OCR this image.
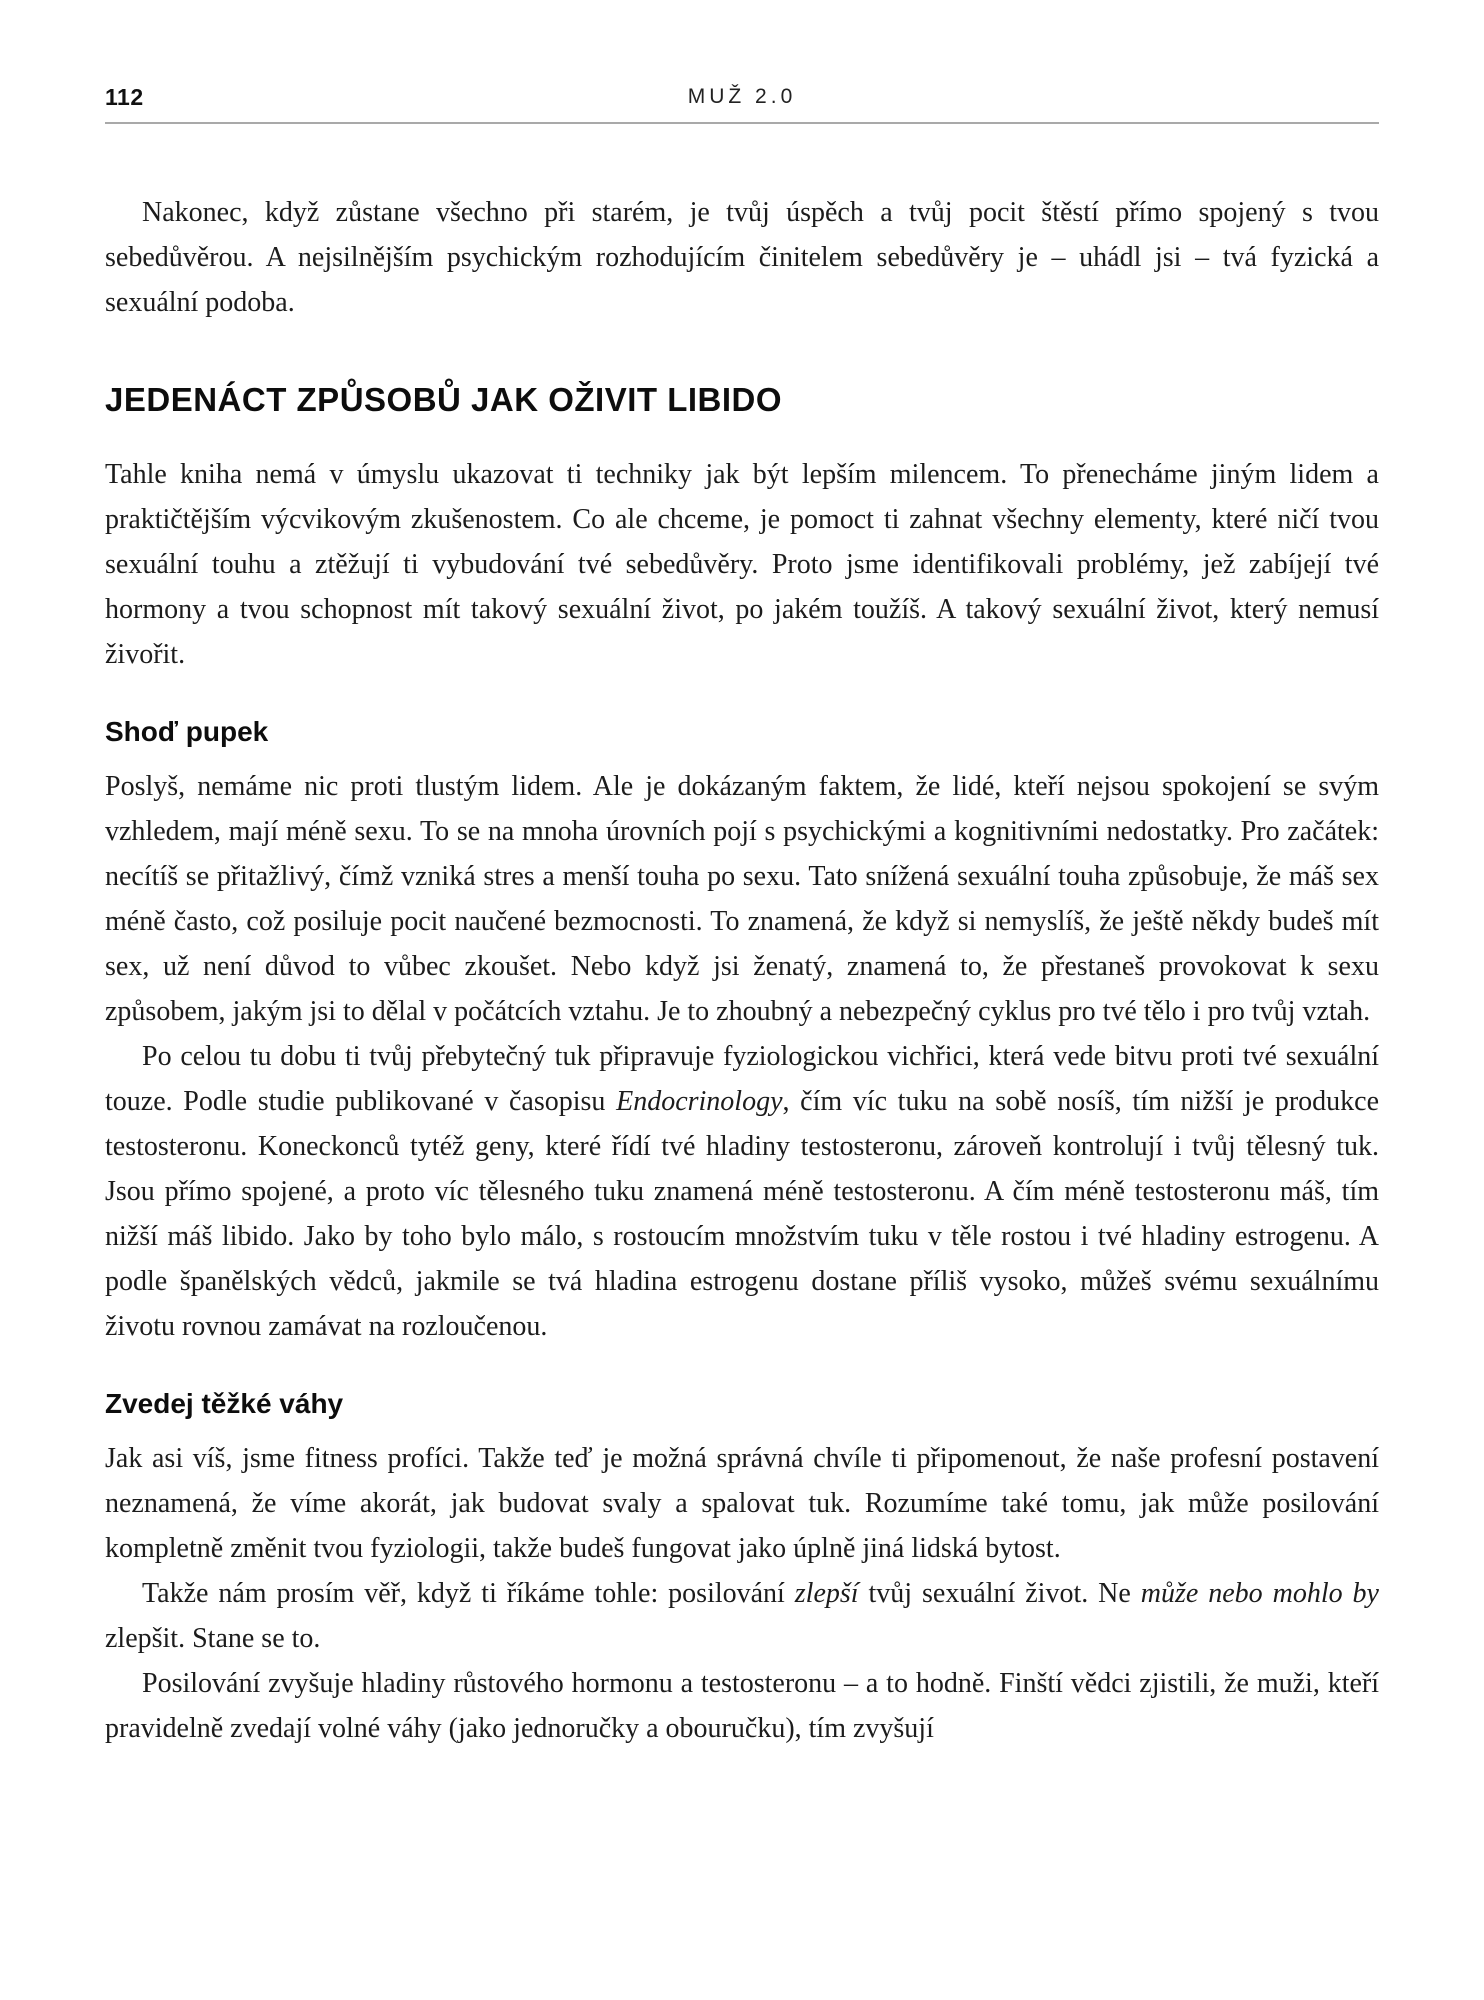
112	MUŽ 2.0

Nakonec, když zůstane všechno při starém, je tvůj úspěch a tvůj pocit štěstí přímo spojený s tvou sebedůvěrou. A nejsilnějším psychickým rozhodujícím činitelem sebedůvěry je – uhádl jsi – tvá fyzická a sexuální podoba.

JEDENÁCT ZPŮSOBŮ JAK OŽIVIT LIBIDO

Tahle kniha nemá v úmyslu ukazovat ti techniky jak být lepším milencem. To přenecháme jiným lidem a praktičtějším výcvikovým zkušenostem. Co ale chceme, je pomoct ti zahnat všechny elementy, které ničí tvou sexuální touhu a ztěžují ti vybudování tvé sebedůvěry. Proto jsme identifikovali problémy, jež zabíjejí tvé hormony a tvou schopnost mít takový sexuální život, po jakém toužíš. A takový sexuální život, který nemusí živořit.

Shoď pupek

Poslyš, nemáme nic proti tlustým lidem. Ale je dokázaným faktem, že lidé, kteří nejsou spokojení se svým vzhledem, mají méně sexu. To se na mnoha úrovních pojí s psychickými a kognitivními nedostatky. Pro začátek: necítíš se přitažlivý, čímž vzniká stres a menší touha po sexu. Tato snížená sexuální touha způsobuje, že máš sex méně často, což posiluje pocit naučené bezmocnosti. To znamená, že když si nemyslíš, že ještě někdy budeš mít sex, už není důvod to vůbec zkoušet. Nebo když jsi ženatý, znamená to, že přestaneš provokovat k sexu způsobem, jakým jsi to dělal v počátcích vztahu. Je to zhoubný a nebezpečný cyklus pro tvé tělo i pro tvůj vztah.

Po celou tu dobu ti tvůj přebytečný tuk připravuje fyziologickou vichřici, která vede bitvu proti tvé sexuální touze. Podle studie publikované v časopisu Endocrinology, čím víc tuku na sobě nosíš, tím nižší je produkce testosteronu. Koneckonců tytéž geny, které řídí tvé hladiny testosteronu, zároveň kontrolují i tvůj tělesný tuk. Jsou přímo spojené, a proto víc tělesného tuku znamená méně testosteronu. A čím méně testosteronu máš, tím nižší máš libido. Jako by toho bylo málo, s rostoucím množstvím tuku v těle rostou i tvé hladiny estrogenu. A podle španělských vědců, jakmile se tvá hladina estrogenu dostane příliš vysoko, můžeš svému sexuálnímu životu rovnou zamávat na rozloučenou.

Zvedej těžké váhy

Jak asi víš, jsme fitness profíci. Takže teď je možná správná chvíle ti připomenout, že naše profesní postavení neznamená, že víme akorát, jak budovat svaly a spalovat tuk. Rozumíme také tomu, jak může posilování kompletně změnit tvou fyziologii, takže budeš fungovat jako úplně jiná lidská bytost.

Takže nám prosím věř, když ti říkáme tohle: posilování zlepší tvůj sexuální život. Ne může nebo mohlo by zlepšit. Stane se to.

Posilování zvyšuje hladiny růstového hormonu a testosteronu – a to hodně. Finští vědci zjistili, že muži, kteří pravidelně zvedají volné váhy (jako jednoručky a obouručku), tím zvyšují
